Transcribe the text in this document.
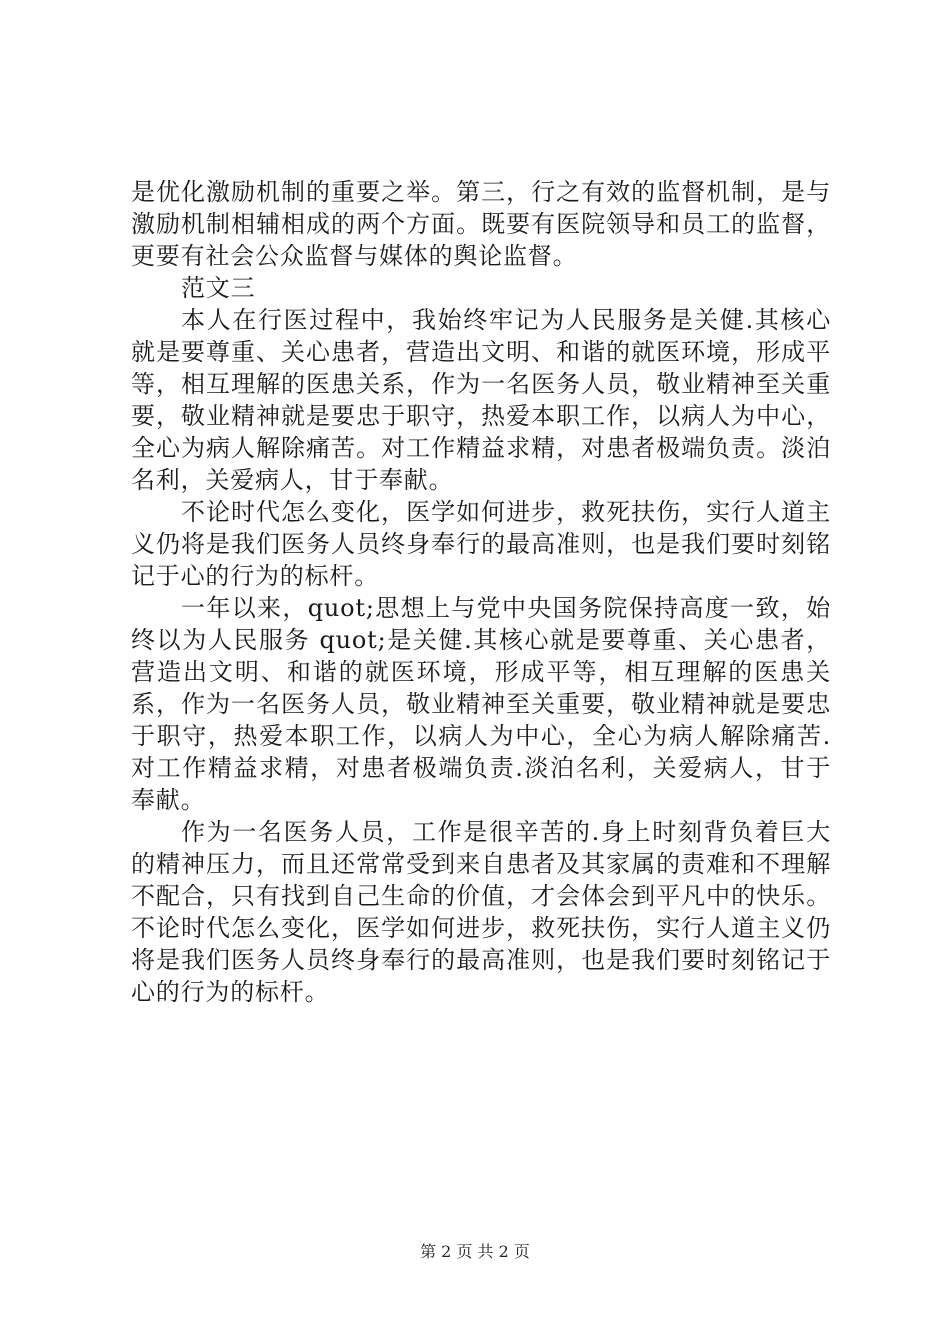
是优化激励机制的重要之举。第三，行之有效的监督机制，是与激励机制相辅相成的两个方面。既要有医院领导和员工的监督，更要有社会公众监督与媒体的舆论监督。

范文三

本人在行医过程中，我始终牢记为人民服务是关健.其核心就是要尊重、关心患者，营造出文明、和谐的就医环境，形成平等，相互理解的医患关系，作为一名医务人员，敬业精神至关重要，敬业精神就是要忠于职守，热爱本职工作，以病人为中心，全心为病人解除痛苦。对工作精益求精，对患者极端负责。淡泊名利，关爱病人，甘于奉献。

不论时代怎么变化，医学如何进步，救死扶伤，实行人道主义仍将是我们医务人员终身奉行的最高准则，也是我们要时刻铭记于心的行为的标杆。

一年以来，quot;思想上与党中央国务院保持高度一致，始终以为人民服务 quot;是关健.其核心就是要尊重、关心患者，营造出文明、和谐的就医环境，形成平等，相互理解的医患关系，作为一名医务人员，敬业精神至关重要，敬业精神就是要忠于职守，热爱本职工作，以病人为中心，全心为病人解除痛苦.对工作精益求精，对患者极端负责.淡泊名利，关爱病人，甘于奉献。

作为一名医务人员，工作是很辛苦的.身上时刻背负着巨大的精神压力，而且还常常受到来自患者及其家属的责难和不理解不配合，只有找到自己生命的价值，才会体会到平凡中的快乐。不论时代怎么变化，医学如何进步，救死扶伤，实行人道主义仍将是我们医务人员终身奉行的最高准则，也是我们要时刻铭记于心的行为的标杆。

第 2 页 共 2 页
